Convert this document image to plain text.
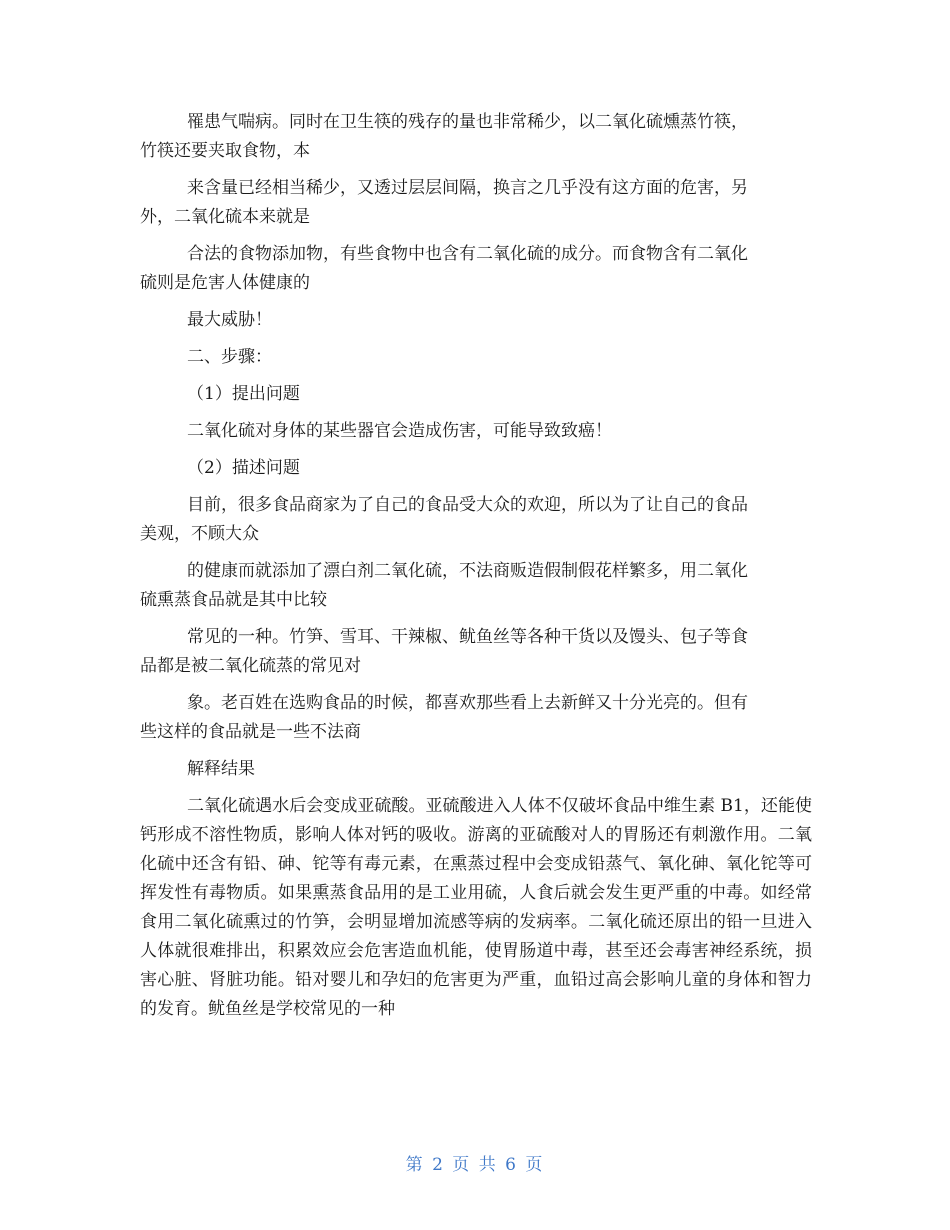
罹患气喘病。同时在卫生筷的残存的量也非常稀少，以二氧化硫燻蒸竹筷，
竹筷还要夹取食物，本

来含量已经相当稀少，又透过层层间隔，换言之几乎没有这方面的危害，另
外，二氧化硫本来就是

合法的食物添加物，有些食物中也含有二氧化硫的成分。而食物含有二氧化
硫则是危害人体健康的

最大威胁！

二、步骤：

（1）提出问题

二氧化硫对身体的某些器官会造成伤害，可能导致致癌！

（2）描述问题

目前，很多食品商家为了自己的食品受大众的欢迎，所以为了让自己的食品
美观，不顾大众

的健康而就添加了漂白剂二氧化硫，不法商贩造假制假花样繁多，用二氧化
硫熏蒸食品就是其中比较

常见的一种。竹笋、雪耳、干辣椒、鱿鱼丝等各种干货以及馒头、包子等食
品都是被二氧化硫蒸的常见对

象。老百姓在选购食品的时候，都喜欢那些看上去新鲜又十分光亮的。但有
些这样的食品就是一些不法商

解释结果

二氧化硫遇水后会变成亚硫酸。亚硫酸进入人体不仅破坏食品中维生素 B1，还能使钙形成不溶性物质，影响人体对钙的吸收。游离的亚硫酸对人的胃肠还有刺激作用。二氧化硫中还含有铅、砷、铊等有毒元素，在熏蒸过程中会变成铅蒸气、氧化砷、氧化铊等可挥发性有毒物质。如果熏蒸食品用的是工业用硫，人食后就会发生更严重的中毒。如经常食用二氧化硫熏过的竹笋，会明显增加流感等病的发病率。二氧化硫还原出的铅一旦进入人体就很难排出，积累效应会危害造血机能，使胃肠道中毒，甚至还会毒害神经系统，损害心脏、肾脏功能。铅对婴儿和孕妇的危害更为严重，血铅过高会影响儿童的身体和智力的发育。鱿鱼丝是学校常见的一种

第 2 页 共 6 页
